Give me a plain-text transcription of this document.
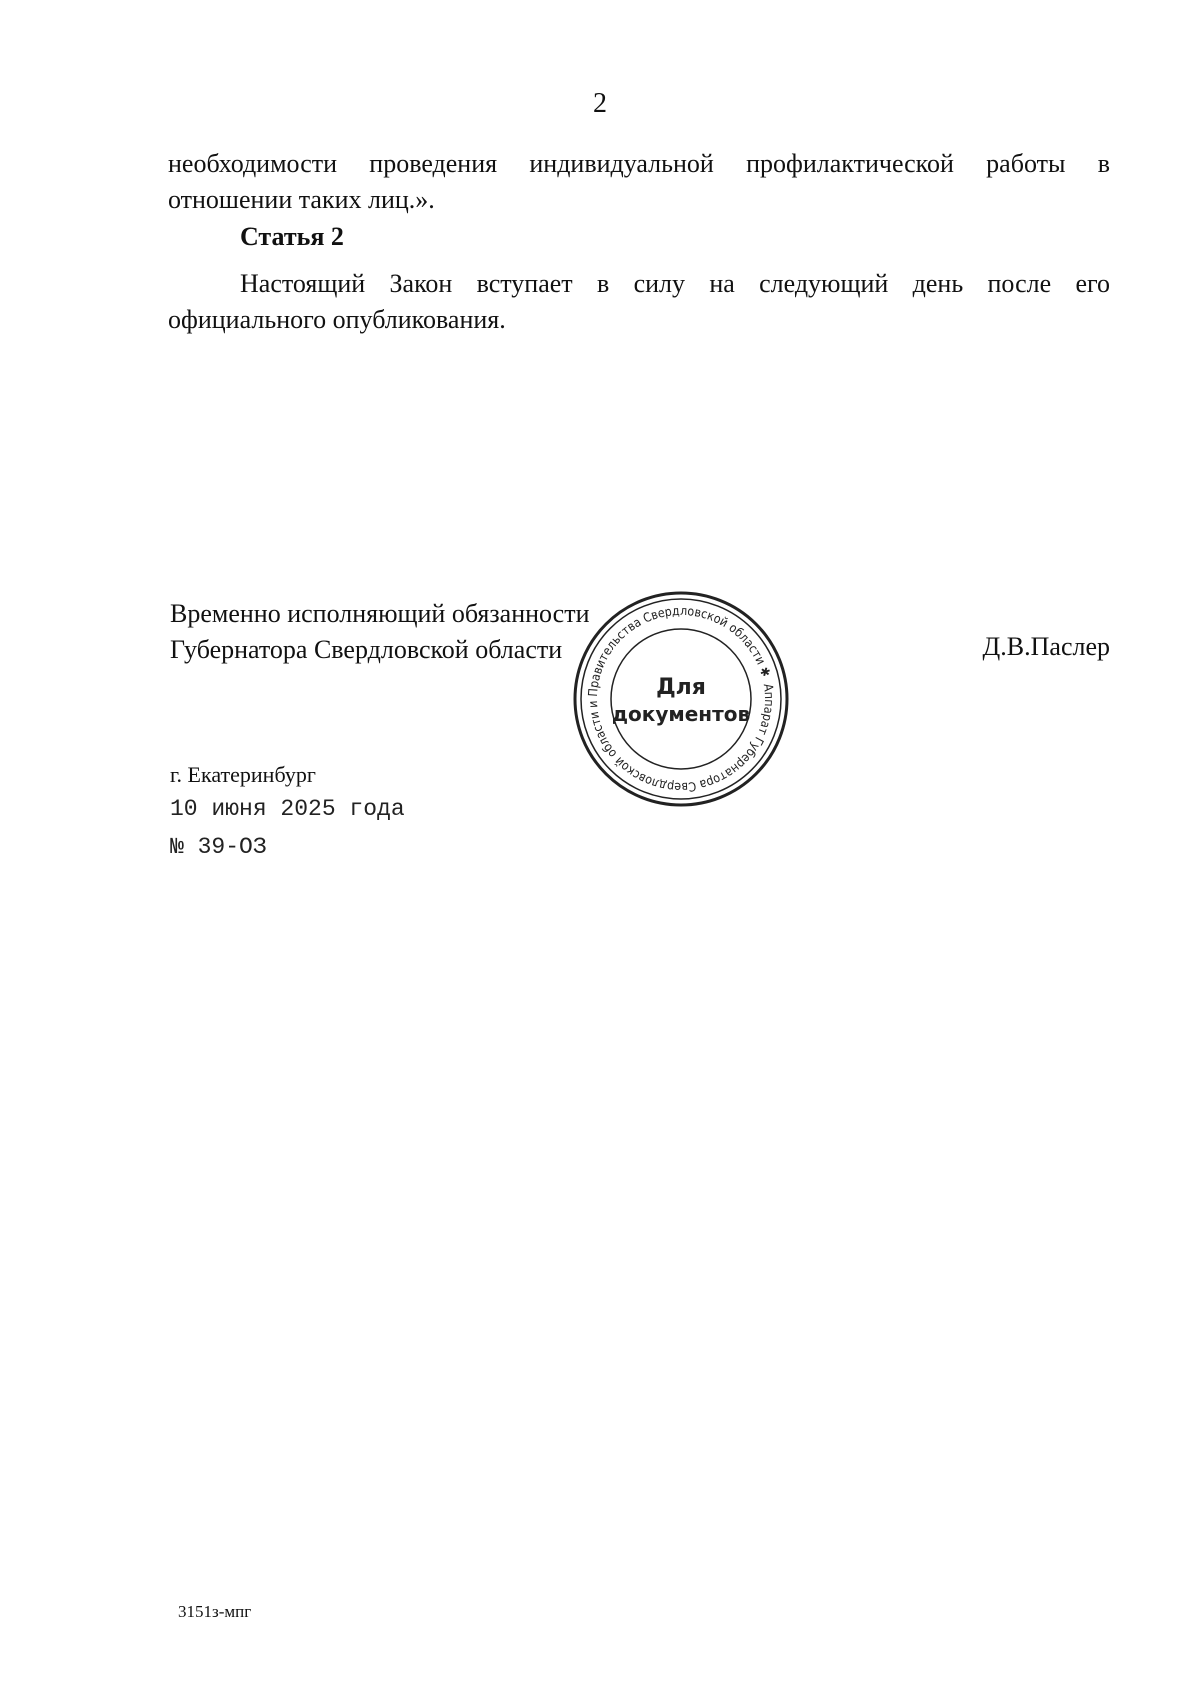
2
необходимости проведения индивидуальной профилактической работы в
отношении таких лиц.».
Статья 2
Настоящий Закон вступает в силу на следующий день после его
официального опубликования.
Временно исполняющий обязанности
Губернатора Свердловской области	Д.В.Паслер
Аппарат Губернатора Свердловской области и Правительства Свердловской области ✱
Для
документов
г. Екатеринбург
10 июня 2025 года
№ 39-ОЗ
3151з-мпг
